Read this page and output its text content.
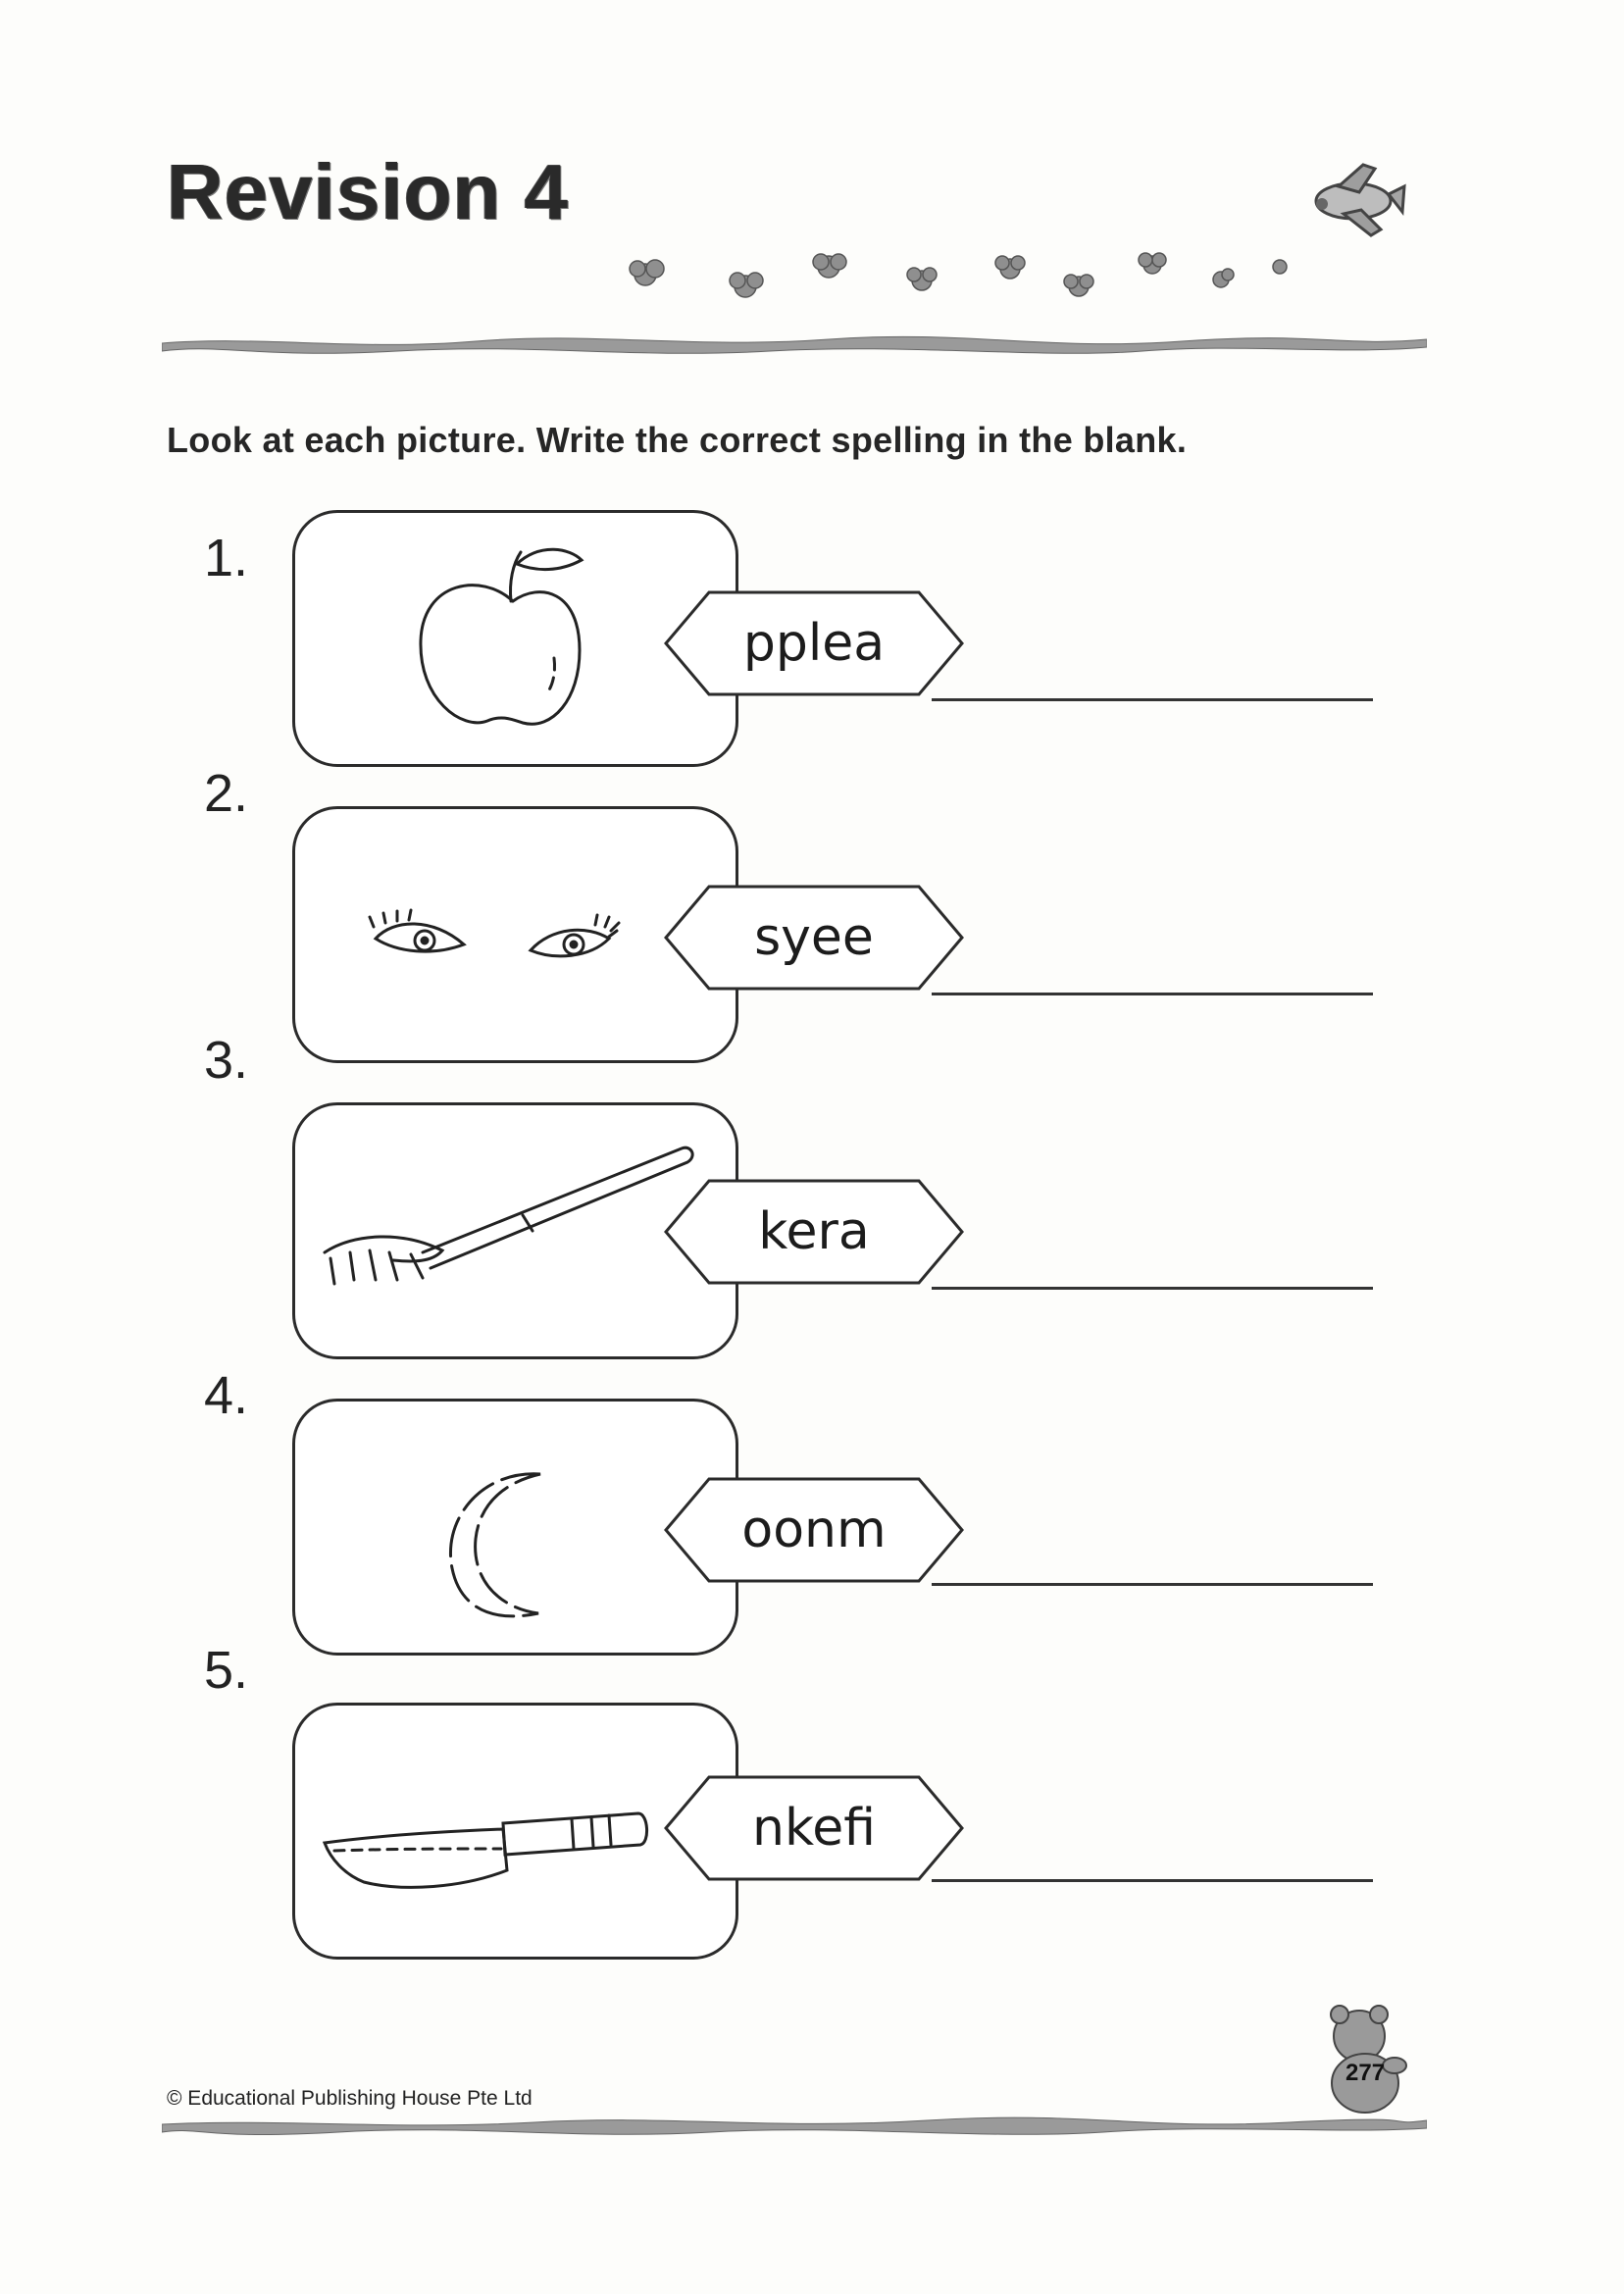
Revision 4
Look at each picture. Write the correct spelling in the blank.
1.
pplea
2.
syee
3.
kera
4.
oonm
5.
nkefi
277
© Educational Publishing House Pte Ltd
